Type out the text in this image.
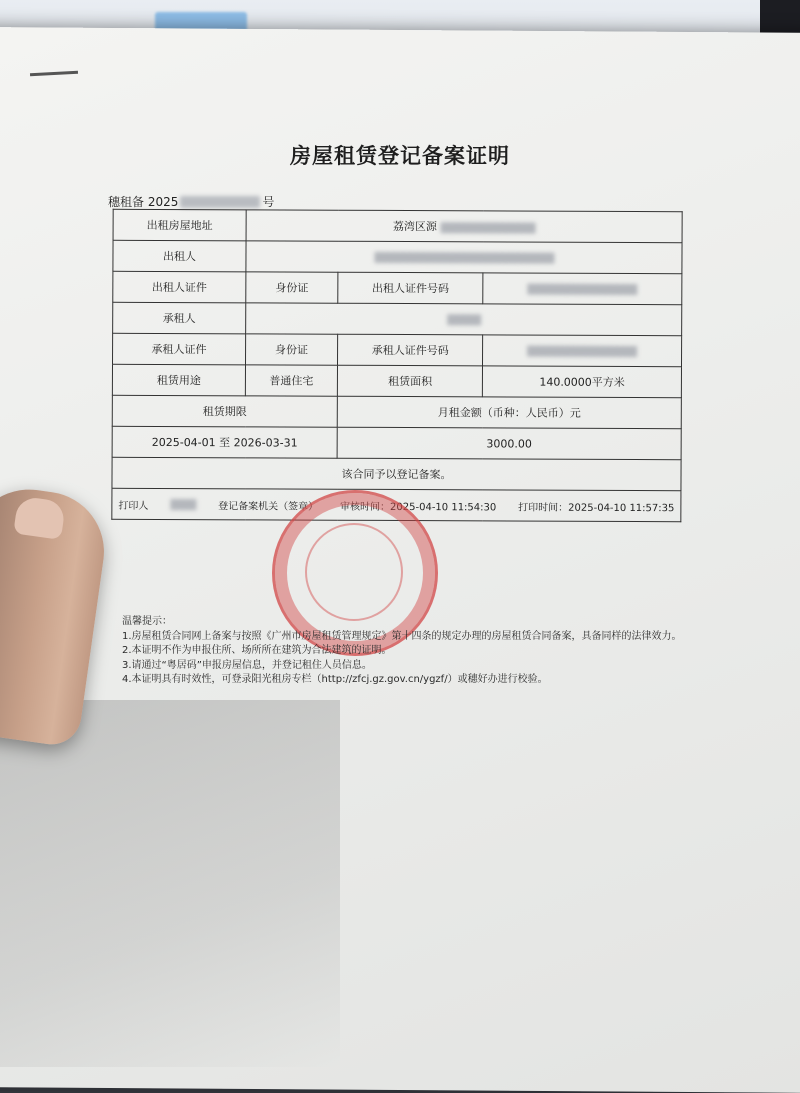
房屋租赁登记备案证明
穗租备 2025	号
出租房屋地址	荔湾区源		
出租人			
出租人证件	身份证	出租人证件号码	
承租人			
承租人证件	身份证	承租人证件号码	
租赁用途	普通住宅	租赁面积	140.0000平方米
租赁期限		月租金额（币种：人民币）元	
2025-04-01 至 2026-03-31		3000.00	
该合同予以登记备案。			

打印人 登记备案机关（签章） 审核时间：2025-04-10 11:54:30 打印时间：2025-04-10 11:57:35			
温馨提示：
1.房屋租赁合同网上备案与按照《广州市房屋租赁管理规定》第十四条的规定办理的房屋租赁合同备案，具备同样的法律效力。
2.本证明不作为申报住所、场所所在建筑为合法建筑的证明。
3.请通过“粤居码”申报房屋信息，并登记租住人员信息。
4.本证明具有时效性，可登录阳光租房专栏（http://zfcj.gz.gov.cn/ygzf/）或穗好办进行校验。
